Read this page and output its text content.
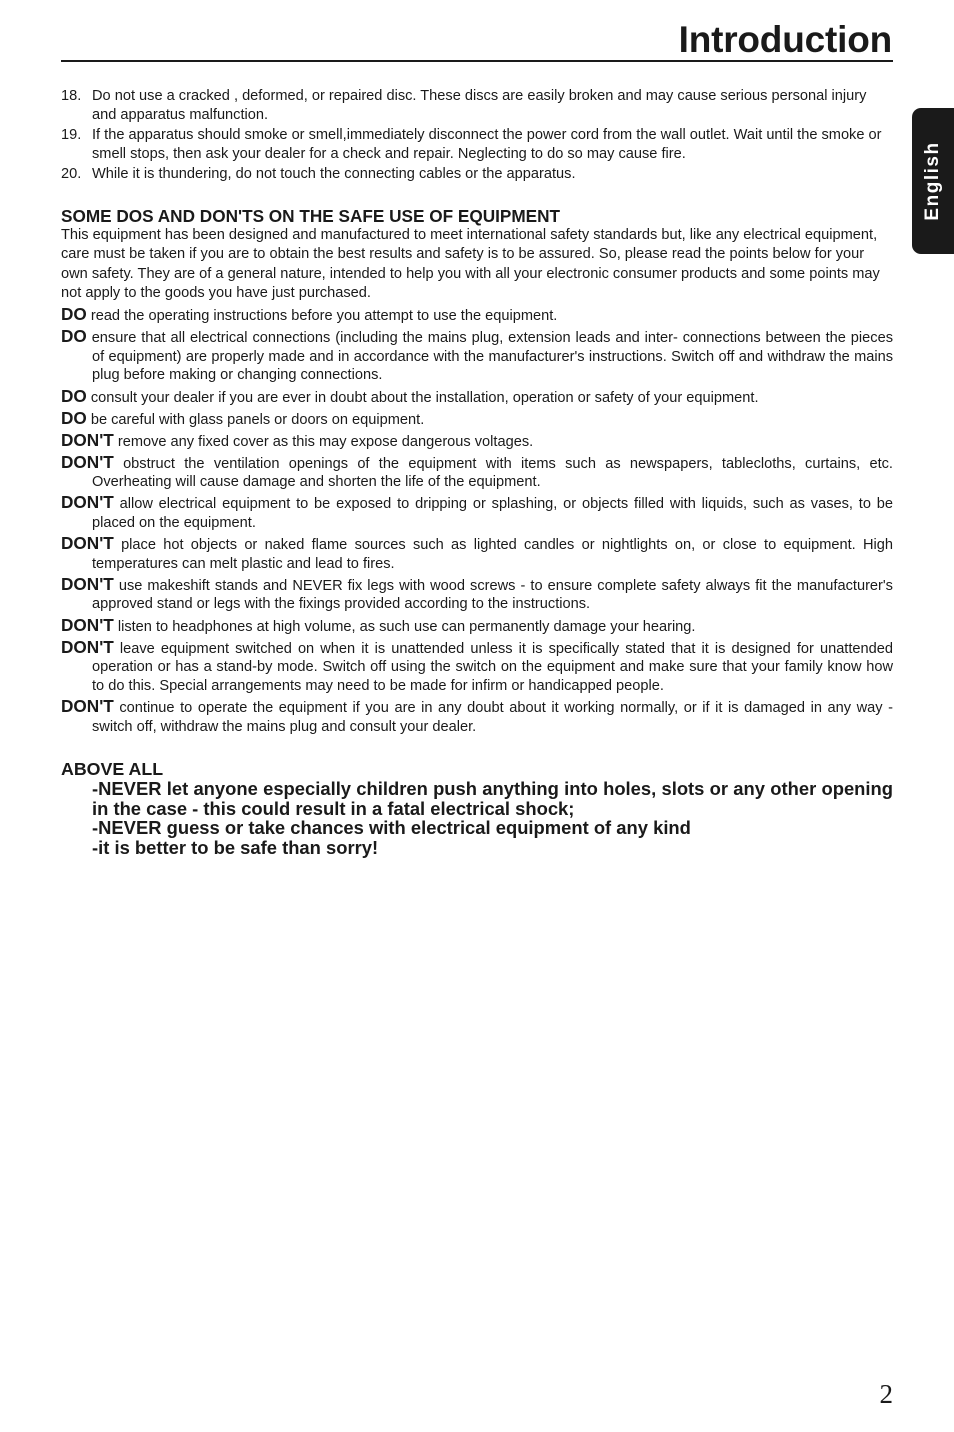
Introduction
English
18. Do not use a cracked , deformed, or repaired disc. These discs are easily broken and may cause serious personal injury and apparatus malfunction.
19. If the apparatus should smoke or smell,immediately disconnect the power cord from the wall outlet. Wait until the smoke or smell stops, then ask your dealer for a check and repair. Neglecting to do so may cause fire.
20. While it is thundering, do not touch the connecting cables or the apparatus.
SOME DOS AND DON'TS ON THE SAFE USE OF EQUIPMENT
This equipment has been designed and manufactured to meet international safety standards but, like any electrical equipment, care must be taken if you are to obtain the best results and safety is to be assured. So, please read the points below for your own safety. They are of a general nature, intended to help you with all your electronic consumer products and some points may not apply to the goods you have just purchased.
DO read the operating instructions before you attempt to use the equipment.
DO ensure that all electrical connections (including the mains plug, extension leads and inter- connections between the pieces of equipment) are properly made and in accordance with the manufacturer's instructions. Switch off and withdraw the mains plug before making or changing connections.
DO consult your dealer if you are ever in doubt about the installation, operation or safety of your equipment.
DO be careful with glass panels or doors on equipment.
DON'T remove any fixed cover as this may expose dangerous voltages.
DON'T obstruct the ventilation openings of the equipment with items such as newspapers, tablecloths, curtains, etc. Overheating will cause damage and shorten the life of the equipment.
DON'T allow electrical equipment to be exposed to dripping or splashing, or objects filled with liquids, such as vases, to be placed on the equipment.
DON'T place hot objects or naked flame sources such as lighted candles or nightlights on, or close to equipment. High temperatures can melt plastic and lead to fires.
DON'T use makeshift stands and NEVER fix legs with wood screws - to ensure complete safety always fit the manufacturer's approved stand or legs with the fixings provided according to the instructions.
DON'T listen to headphones at high volume, as such use can permanently damage your hearing.
DON'T leave equipment switched on when it is unattended unless it is specifically stated that it is designed for unattended operation or has a stand-by mode. Switch off using the switch on the equipment and make sure that your family know how to do this. Special arrangements may need to be made for infirm or handicapped people.
DON'T continue to operate the equipment if you are in any doubt about it working normally, or if it is damaged in any way -switch off, withdraw the mains plug and consult your dealer.
ABOVE ALL
-NEVER let anyone especially children push anything into holes, slots or any other opening in the case - this could result in a fatal electrical shock;
-NEVER guess or take chances with electrical equipment of any kind
-it is better to be safe than sorry!
2
